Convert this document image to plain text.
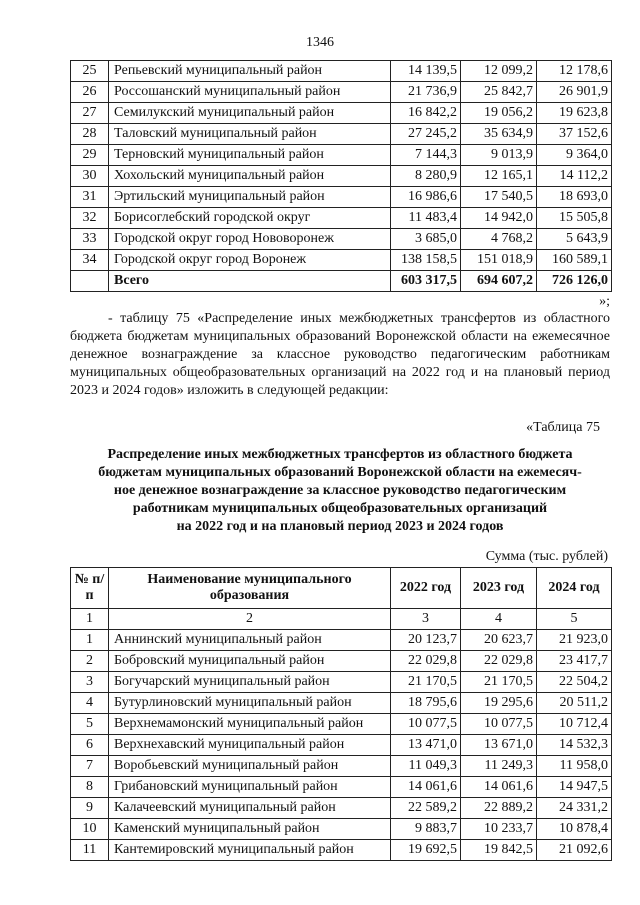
1346
25	Репьевский муниципальный район	14 139,5	12 099,2	12 178,6
26	Россошанский муниципальный район	21 736,9	25 842,7	26 901,9
27	Семилукский муниципальный район	16 842,2	19 056,2	19 623,8
28	Таловский муниципальный район	27 245,2	35 634,9	37 152,6
29	Терновский муниципальный район	7 144,3	9 013,9	9 364,0
30	Хохольский муниципальный район	8 280,9	12 165,1	14 112,2
31	Эртильский муниципальный район	16 986,6	17 540,5	18 693,0
32	Борисоглебский городской округ	11 483,4	14 942,0	15 505,8
33	Городской округ город Нововоронеж	3 685,0	4 768,2	5 643,9
34	Городской округ город Воронеж	138 158,5	151 018,9	160 589,1
	Всего	603 317,5	694 607,2	726 126,0
»;
- таблицу 75 «Распределение иных межбюджетных трансфертов из областного бюджета бюджетам муниципальных образований Воронежской области на ежемесячное денежное вознаграждение за классное руководство педагогическим работникам муниципальных общеобразовательных организаций на 2022 год и на плановый период 2023 и 2024 годов» изложить в следующей редакции:
«Таблица 75
Распределение иных межбюджетных трансфертов из областного бюджета
бюджетам муниципальных образований Воронежской области на ежемесяч-
ное денежное вознаграждение за классное руководство педагогическим
работникам муниципальных общеобразовательных организаций
на 2022 год и на плановый период 2023 и 2024 годов
Сумма (тыс. рублей)
№ п/п	Наименование муниципального образования	2022 год	2023 год	2024 год
1	2	3	4	5
1	Аннинский муниципальный район	20 123,7	20 623,7	21 923,0
2	Бобровский муниципальный район	22 029,8	22 029,8	23 417,7
3	Богучарский муниципальный район	21 170,5	21 170,5	22 504,2
4	Бутурлиновский муниципальный район	18 795,6	19 295,6	20 511,2
5	Верхнемамонский муниципальный район	10 077,5	10 077,5	10 712,4
6	Верхнехавский муниципальный район	13 471,0	13 671,0	14 532,3
7	Воробьевский муниципальный район	11 049,3	11 249,3	11 958,0
8	Грибановский муниципальный район	14 061,6	14 061,6	14 947,5
9	Калачеевский муниципальный район	22 589,2	22 889,2	24 331,2
10	Каменский муниципальный район	9 883,7	10 233,7	10 878,4
11	Кантемировский муниципальный район	19 692,5	19 842,5	21 092,6
